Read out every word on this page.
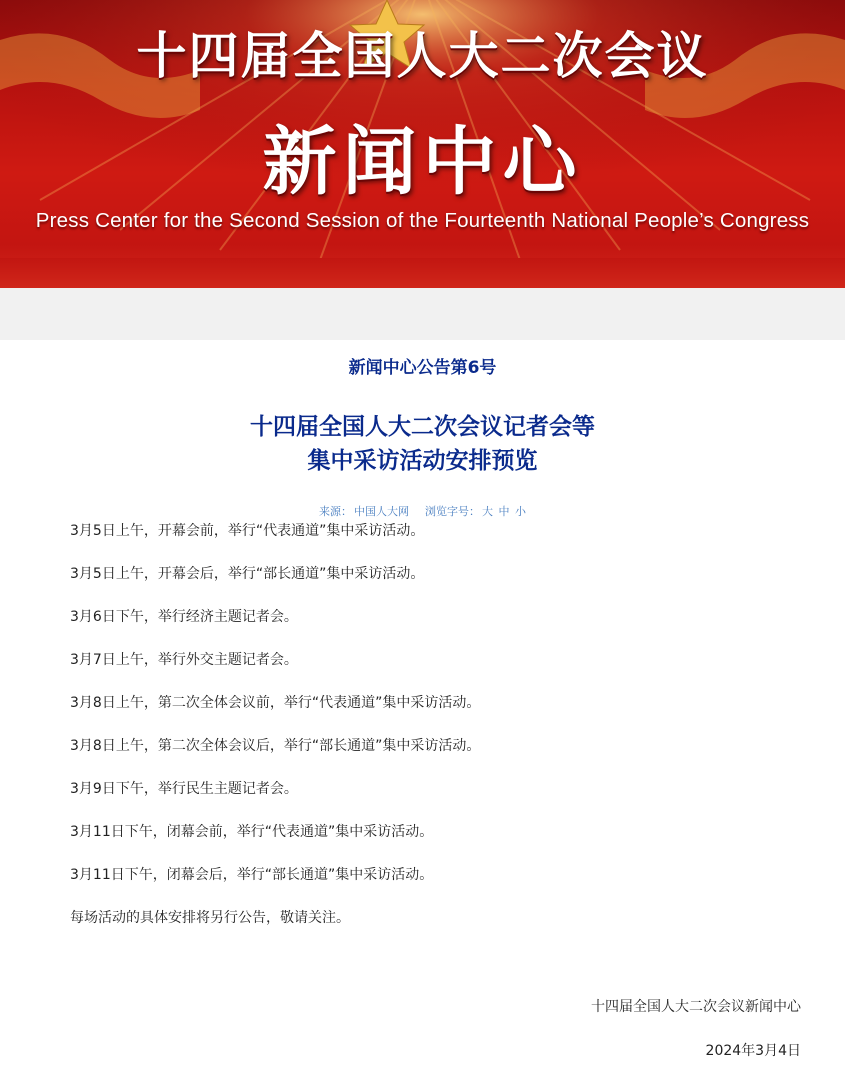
十四届全国人大二次会议
新闻中心
Press Center for the Second Session of the Fourteenth National People’s Congress
新闻中心公告第6号
十四届全国人大二次会议记者会等
集中采访活动安排预览
来源： 中国人大网 浏览字号： 大 中 小
3月5日上午，开幕会前，举行“代表通道”集中采访活动。
3月5日上午，开幕会后，举行“部长通道”集中采访活动。
3月6日下午，举行经济主题记者会。
3月7日上午，举行外交主题记者会。
3月8日上午，第二次全体会议前，举行“代表通道”集中采访活动。
3月8日上午，第二次全体会议后，举行“部长通道”集中采访活动。
3月9日下午，举行民生主题记者会。
3月11日下午，闭幕会前，举行“代表通道”集中采访活动。
3月11日下午，闭幕会后，举行“部长通道”集中采访活动。

每场活动的具体安排将另行公告，敬请关注。

十四届全国人大二次会议新闻中心

2024年3月4日
